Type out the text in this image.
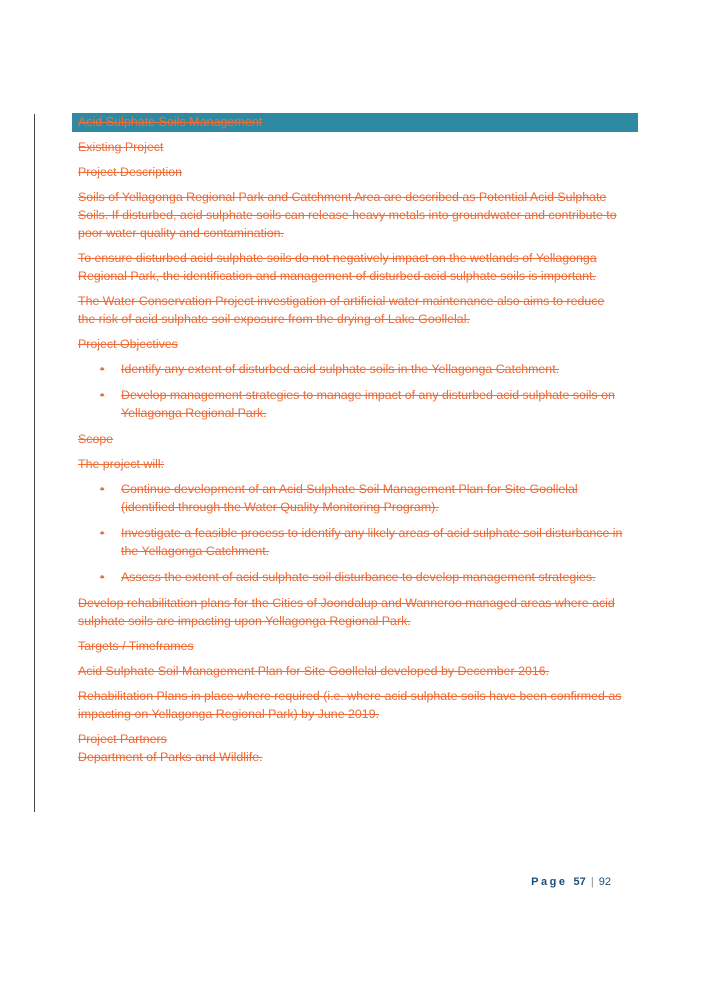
Acid Sulphate Soils Management

Existing Project

Project Description

Soils of Yellagonga Regional Park and Catchment Area are described as Potential Acid Sulphate Soils. If disturbed, acid sulphate soils can release heavy metals into groundwater and contribute to poor water quality and contamination.

To ensure disturbed acid sulphate soils do not negatively impact on the wetlands of Yellagonga Regional Park, the identification and management of disturbed acid sulphate soils is important.

The Water Conservation Project investigation of artificial water maintenance also aims to reduce the risk of acid sulphate soil exposure from the drying of Lake Goollelal.

Project Objectives

• Identify any extent of disturbed acid sulphate soils in the Yellagonga Catchment.
• Develop management strategies to manage impact of any disturbed acid sulphate soils on Yellagonga Regional Park.

Scope

The project will:

• Continue development of an Acid Sulphate Soil Management Plan for Site Goollelal (identified through the Water Quality Monitoring Program).
• Investigate a feasible process to identify any likely areas of acid sulphate soil disturbance in the Yellagonga Catchment.
• Assess the extent of acid sulphate soil disturbance to develop management strategies.

Develop rehabilitation plans for the Cities of Joondalup and Wanneroo managed areas where acid sulphate soils are impacting upon Yellagonga Regional Park.

Targets / Timeframes

Acid Sulphate Soil Management Plan for Site Goollelal developed by December 2016.

Rehabilitation Plans in place where required (i.e. where acid sulphate soils have been confirmed as impacting on Yellagonga Regional Park) by June 2019.

Project Partners

Department of Parks and Wildlife.

Page 57 | 92
